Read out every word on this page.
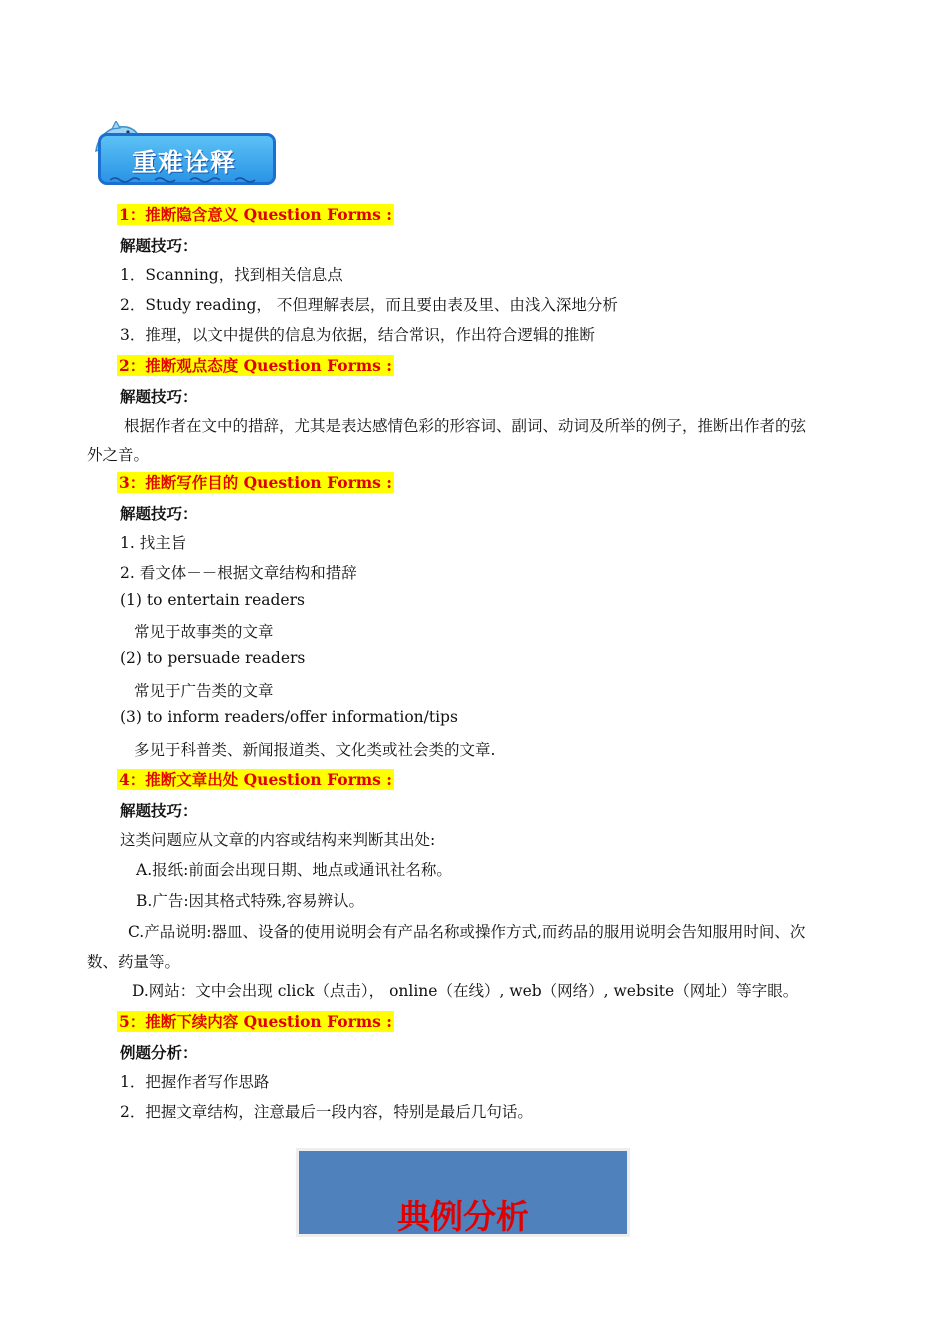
重难诠释
1：推断隐含意义 Question Forms :
解题技巧：
1．Scanning，找到相关信息点
2．Study reading， 不但理解表层，而且要由表及里、由浅入深地分析
3．推理，以文中提供的信息为依据，结合常识，作出符合逻辑的推断
2：推断观点态度 Question Forms :
解题技巧：
根据作者在文中的措辞，尤其是表达感情色彩的形容词、副词、动词及所举的例子，推断出作者的弦
外之音。
3：推断写作目的 Question Forms :
解题技巧：
1. 找主旨
2. 看文体－－根据文章结构和措辞
(1) to entertain readers
常见于故事类的文章
(2) to persuade readers
常见于广告类的文章
(3) to inform readers/offer information/tips
多见于科普类、新闻报道类、文化类或社会类的文章.
4：推断文章出处 Question Forms :
解题技巧：
这类问题应从文章的内容或结构来判断其出处:
A.报纸:前面会出现日期、地点或通讯社名称。
B.广告:因其格式特殊,容易辨认。
C.产品说明:器皿、设备的使用说明会有产品名称或操作方式,而药品的服用说明会告知服用时间、次
数、药量等。
D.网站：文中会出现 click（点击）， online（在线）, web（网络）, website（网址）等字眼。
5：推断下续内容 Question Forms :
例题分析：
1．把握作者写作思路
2．把握文章结构，注意最后一段内容，特别是最后几句话。
典例分析
